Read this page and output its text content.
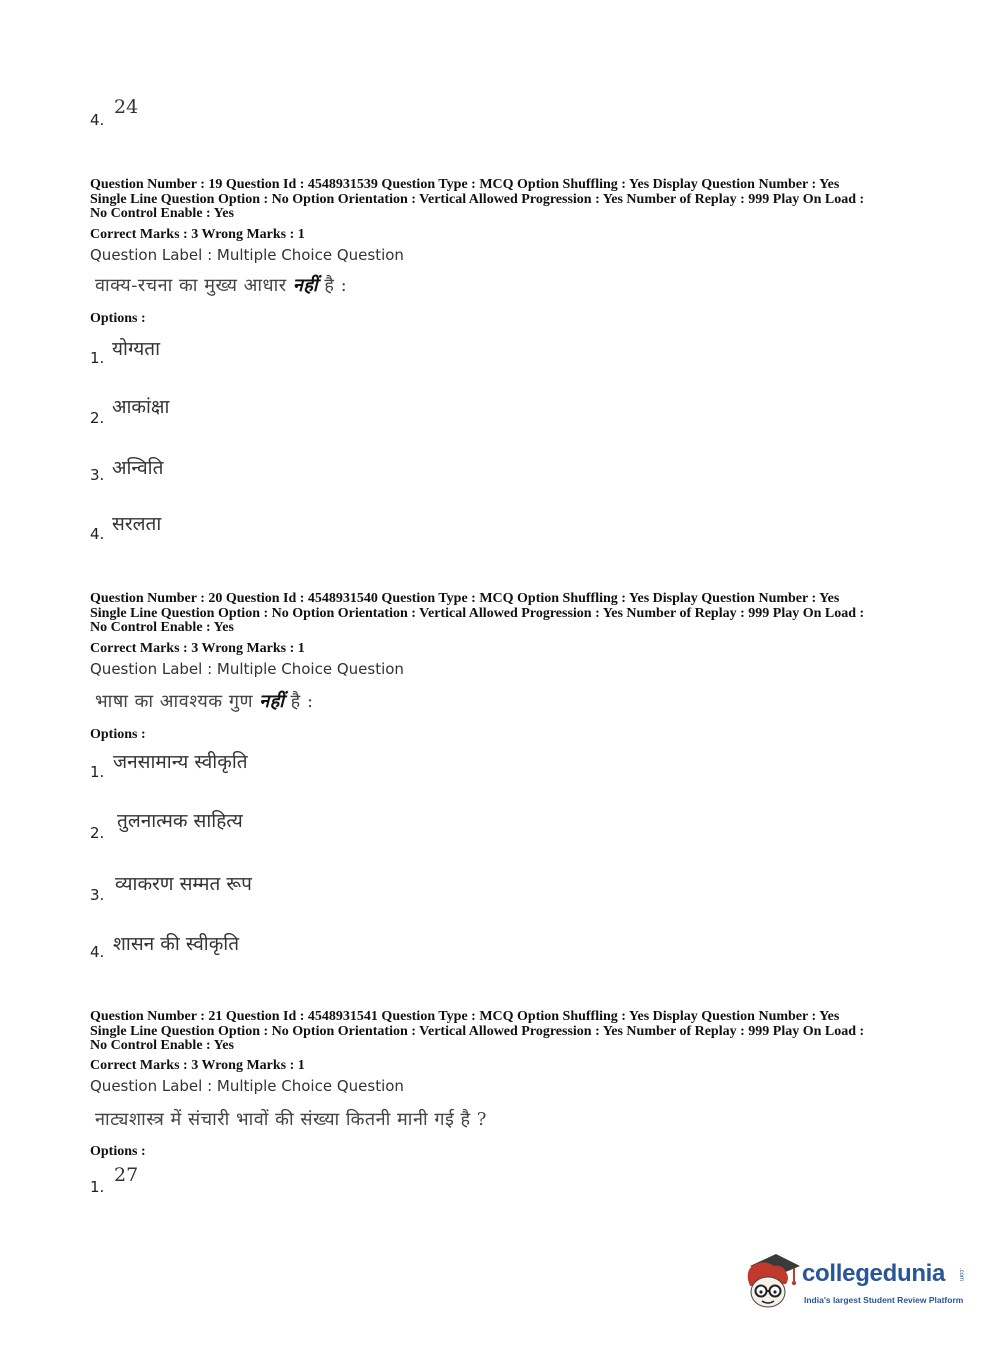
4.
24
Question Number : 19 Question Id : 4548931539 Question Type : MCQ Option Shuffling : Yes Display Question Number : Yes
Single Line Question Option : No Option Orientation : Vertical Allowed Progression : Yes Number of Replay : 999 Play On Load :
No Control Enable : Yes
Correct Marks : 3 Wrong Marks : 1
Question Label : Multiple Choice Question
वाक्य-रचना का मुख्य आधार नहीं है :
Options :
1. योग्यता
2. आकांक्षा
3. अन्विति
4. सरलता
Question Number : 20 Question Id : 4548931540 Question Type : MCQ Option Shuffling : Yes Display Question Number : Yes
Single Line Question Option : No Option Orientation : Vertical Allowed Progression : Yes Number of Replay : 999 Play On Load :
No Control Enable : Yes
Correct Marks : 3 Wrong Marks : 1
Question Label : Multiple Choice Question
भाषा का आवश्यक गुण नहीं है :
Options :
1. जनसामान्य स्वीकृति
2.
तुलनात्मक साहित्य
3. व्याकरण सम्मत रूप
4. शासन की स्वीकृति
Question Number : 21 Question Id : 4548931541 Question Type : MCQ Option Shuffling : Yes Display Question Number : Yes
Single Line Question Option : No Option Orientation : Vertical Allowed Progression : Yes Number of Replay : 999 Play On Load :
No Control Enable : Yes
Correct Marks : 3 Wrong Marks : 1
Question Label : Multiple Choice Question
नाट्यशास्त्र में संचारी भावों की संख्या कितनी मानी गई है ?
Options :
1.
27
collegedunia .com
India's largest Student Review Platform
